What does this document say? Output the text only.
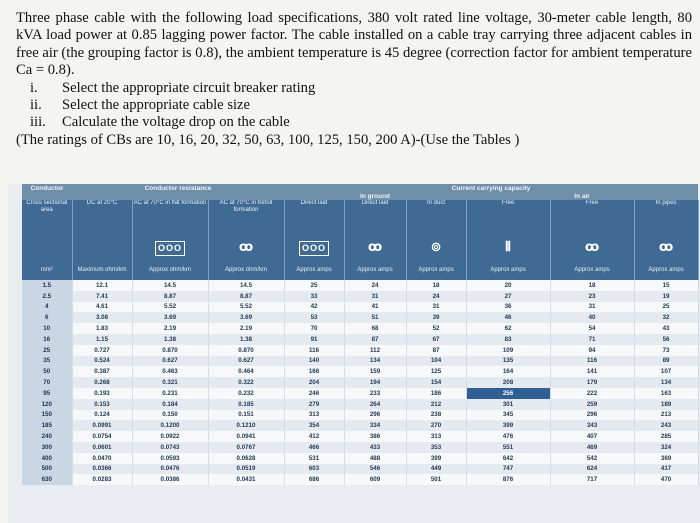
Three phase cable with the following load specifications, 380 volt rated line voltage, 30-meter cable length, 80 kVA load power at 0.85 lagging power factor. The cable installed on a cable tray carrying three adjacent cables in free air (the grouping factor is 0.8), the ambient temperature is 45 degree (correction factor for ambient temperature Ca = 0.8).

i.	Select the appropriate circuit breaker rating
ii.	Select the appropriate cable size
iii.	Calculate the voltage drop on the cable

(The ratings of CBs are 10, 16, 20, 32, 50, 63, 100, 125, 150, 200 A)-(Use the Tables )

Conductor	Conductor resistance			Current carrying capacity					
				In ground			In air		
Cross sectional area	DC at 20°C	AC at 70°C in flat formation	AC at 70°C in trefoil formation	Direct laid	Direct laid	In duct	Free	Free	In pipes
		OOO	ꝏ	OOO	ꝏ	⊚	⦀	ꝏ	ꝏ
mm²	Maximum ohm/km	Approx ohm/km	Approx ohm/km	Approx amps	Approx amps	Approx amps	Approx amps	Approx amps	Approx amps
1.5	12.1	14.5	14.5	25	24	18	20	18	15
2.5	7.41	8.87	8.87	33	31	24	27	23	19
4	4.61	5.52	5.52	42	41	31	36	31	25
6	3.08	3.69	3.69	53	51	39	46	40	32
10	1.83	2.19	2.19	70	68	52	62	54	43
16	1.15	1.38	1.38	91	87	67	83	71	56
25	0.727	0.870	0.870	116	112	87	109	94	73
35	0.524	0.627	0.627	140	134	104	135	116	89
50	0.387	0.463	0.464	166	159	125	164	141	107
70	0.268	0.321	0.322	204	194	154	208	179	134
95	0.193	0.231	0.232	246	233	186	256	222	163
120	0.153	0.184	0.185	279	264	212	301	259	189
150	0.124	0.150	0.151	313	296	238	345	296	213
185	0.0991	0.1200	0.1210	354	334	270	399	343	243
240	0.0754	0.0922	0.0941	412	386	313	476	407	285
300	0.0601	0.0743	0.0767	466	433	353	551	469	324
400	0.0470	0.0593	0.0628	531	488	399	642	542	369
500	0.0366	0.0476	0.0519	603	546	449	747	624	417
630	0.0283	0.0386	0.0431	686	609	501	876	717	470
